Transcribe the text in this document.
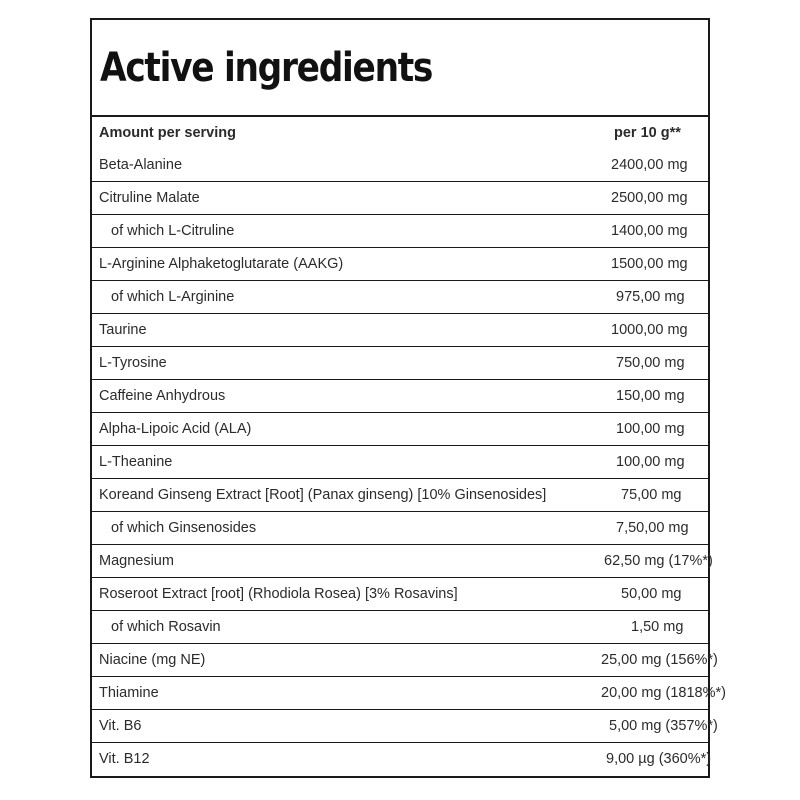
Active ingredients
Amount per serving	per 10 g**
Beta-Alanine	2400,00 mg
Citruline Malate	2500,00 mg
of which L-Citruline	1400,00 mg
L-Arginine Alphaketoglutarate (AAKG)	1500,00 mg
of which L-Arginine	975,00 mg
Taurine	1000,00 mg
L-Tyrosine	750,00 mg
Caffeine Anhydrous	150,00 mg
Alpha-Lipoic Acid (ALA)	100,00 mg
L-Theanine	100,00 mg
Koreand Ginseng Extract [Root] (Panax ginseng) [10% Ginsenosides]	75,00 mg
of which Ginsenosides	7,50,00 mg
Magnesium	62,50 mg (17%*)
Roseroot Extract [root] (Rhodiola Rosea) [3% Rosavins]	50,00 mg
of which Rosavin	1,50 mg
Niacine (mg NE)	25,00 mg (156%*)
Thiamine	20,00 mg (1818%*)
Vit. B6	5,00 mg (357%*)
Vit. B12	9,00 µg (360%*)
